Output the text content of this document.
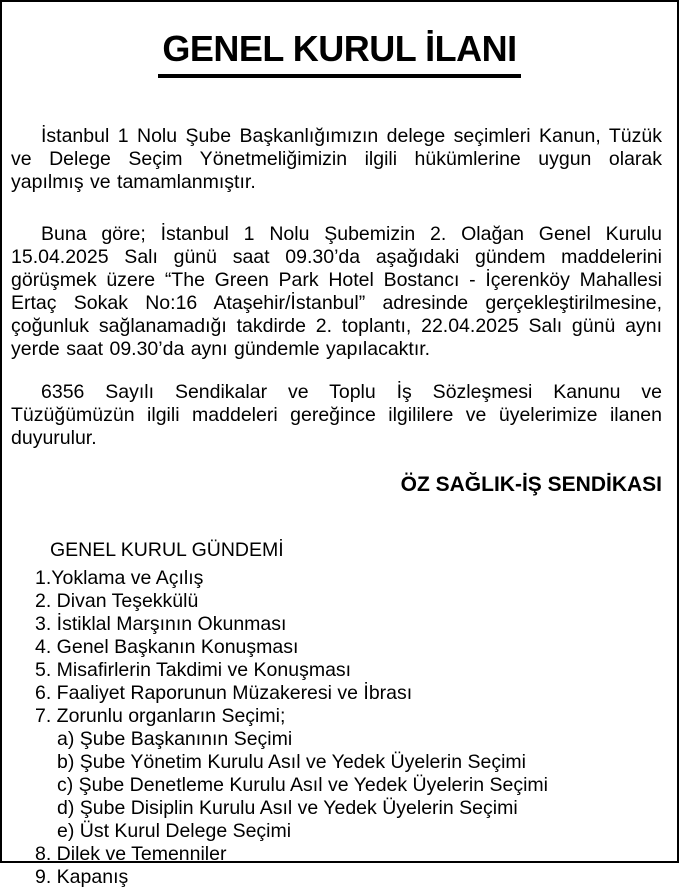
GENEL KURUL İLANI

İstanbul 1 Nolu Şube Başkanlığımızın delege seçimleri Kanun, Tüzük ve Delege Seçim Yönetmeliğimizin ilgili hükümlerine uygun olarak yapılmış ve tamamlanmıştır.

Buna göre; İstanbul 1 Nolu Şubemizin 2. Olağan Genel Kurulu 15.04.2025 Salı günü saat 09.30’da aşağıdaki gündem maddelerini görüşmek üzere “The Green Park Hotel Bostancı - İçerenköy Mahallesi Ertaç Sokak No:16 Ataşehir/İstanbul” adresinde gerçekleştirilmesine, çoğunluk sağlanamadığı takdirde 2. toplantı, 22.04.2025 Salı günü aynı yerde saat 09.30’da aynı gündemle yapılacaktır.

6356 Sayılı Sendikalar ve Toplu İş Sözleşmesi Kanunu ve Tüzüğümüzün ilgili maddeleri gereğince ilgililere ve üyelerimize ilanen duyurulur.

ÖZ SAĞLIK-İŞ SENDİKASI
GENEL KURUL GÜNDEMİ
1.Yoklama ve Açılış
2. Divan Teşekkülü
3. İstiklal Marşının Okunması
4. Genel Başkanın Konuşması
5. Misafirlerin Takdimi ve Konuşması
6. Faaliyet Raporunun Müzakeresi ve İbrası
7. Zorunlu organların Seçimi;
a) Şube Başkanının Seçimi
b) Şube Yönetim Kurulu Asıl ve Yedek Üyelerin Seçimi
c) Şube Denetleme Kurulu Asıl ve Yedek Üyelerin Seçimi
d) Şube Disiplin Kurulu Asıl ve Yedek Üyelerin Seçimi
e) Üst Kurul Delege Seçimi
8. Dilek ve Temenniler
9. Kapanış
